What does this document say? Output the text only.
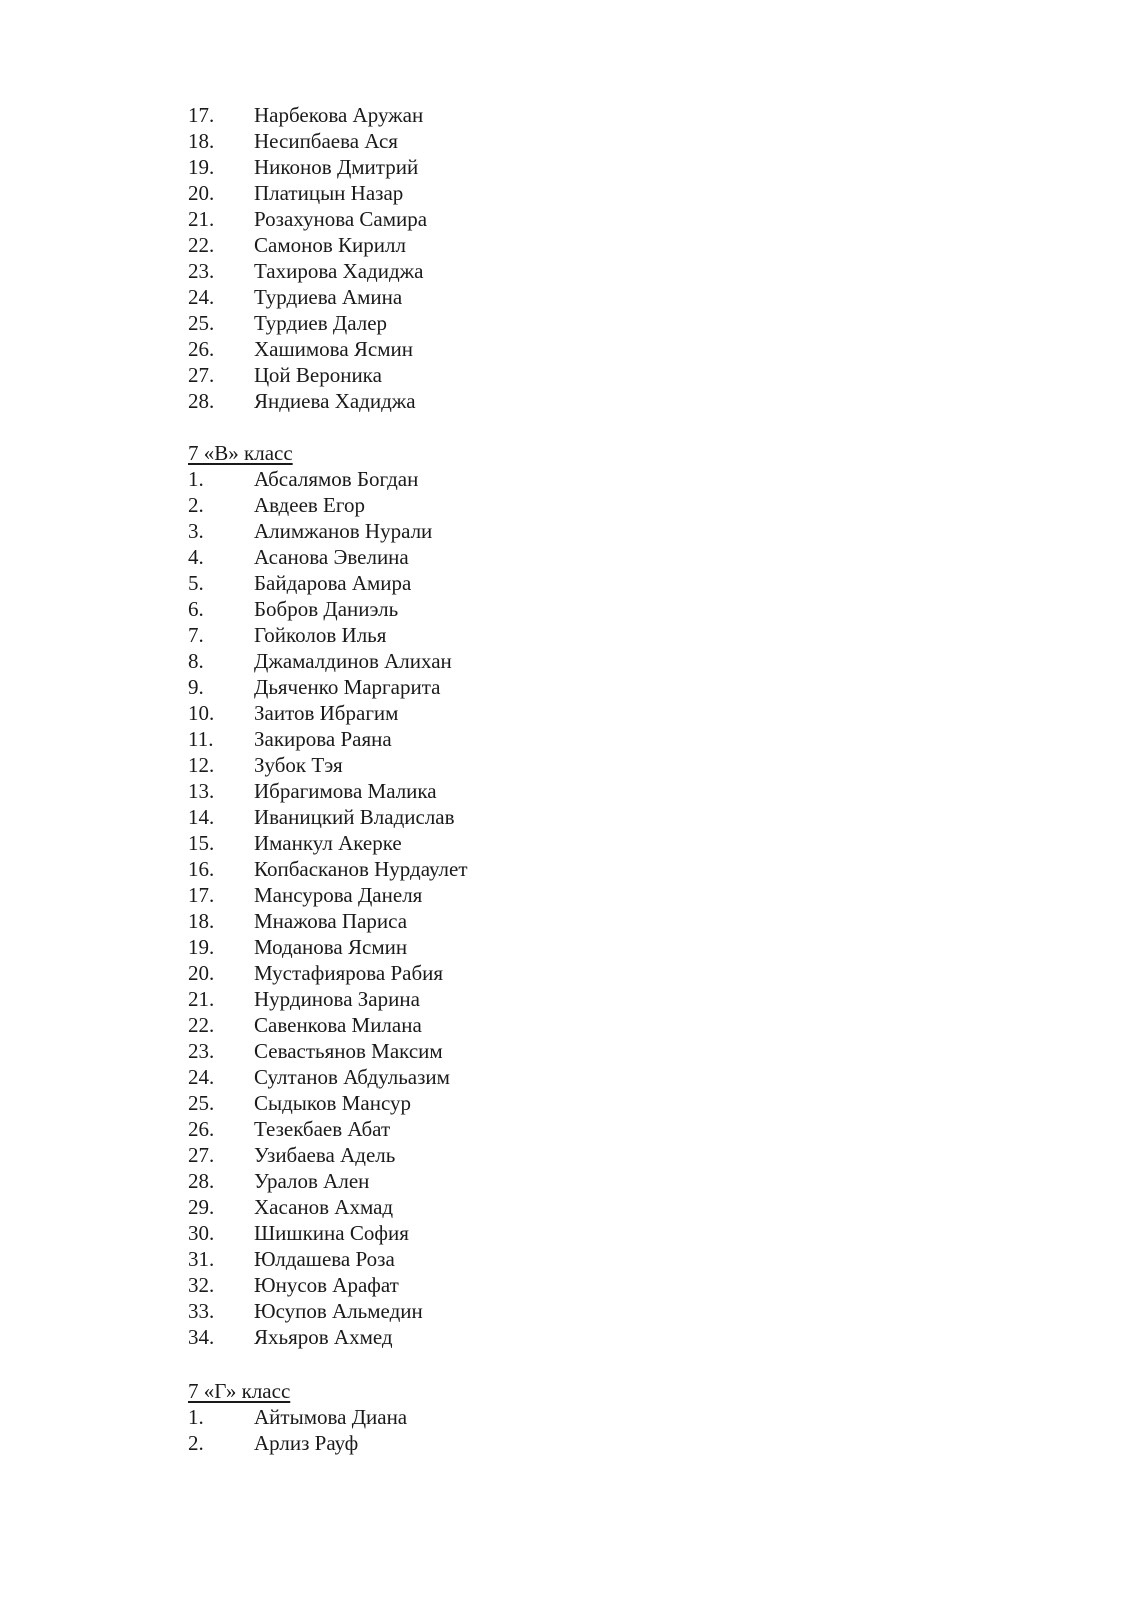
17.	Нарбекова Аружан
18.	Несипбаева Ася
19.	Никонов Дмитрий
20.	Платицын Назар
21.	Розахунова Самира
22.	Самонов Кирилл
23.	Тахирова Хадиджа
24.	Турдиева Амина
25.	Турдиев Далер
26.	Хашимова Ясмин
27.	Цой Вероника
28.	Яндиева Хадиджа
7 «В» класс
1.	Абсалямов Богдан
2.	Авдеев Егор
3.	Алимжанов Нурали
4.	Асанова Эвелина
5.	Байдарова Амира
6.	Бобров Даниэль
7.	Гойколов Илья
8.	Джамалдинов Алихан
9.	Дьяченко Маргарита
10.	Заитов Ибрагим
11.	Закирова Раяна
12.	Зубок Тэя
13.	Ибрагимова Малика
14.	Иваницкий Владислав
15.	Иманкул Акерке
16.	Копбасканов Нурдаулет
17.	Мансурова Данеля
18.	Мнажова Париса
19.	Моданова Ясмин
20.	Мустафиярова Рабия
21.	Нурдинова Зарина
22.	Савенкова Милана
23.	Севастьянов Максим
24.	Султанов Абдульазим
25.	Сыдыков Мансур
26.	Тезекбаев Абат
27.	Узибаева Адель
28.	Уралов Ален
29.	Хасанов Ахмад
30.	Шишкина София
31.	Юлдашева Роза
32.	Юнусов Арафат
33.	Юсупов Альмедин
34.	Яхьяров Ахмед
7 «Г» класс
1.	Айтымова Диана
2.	Арлиз Рауф
